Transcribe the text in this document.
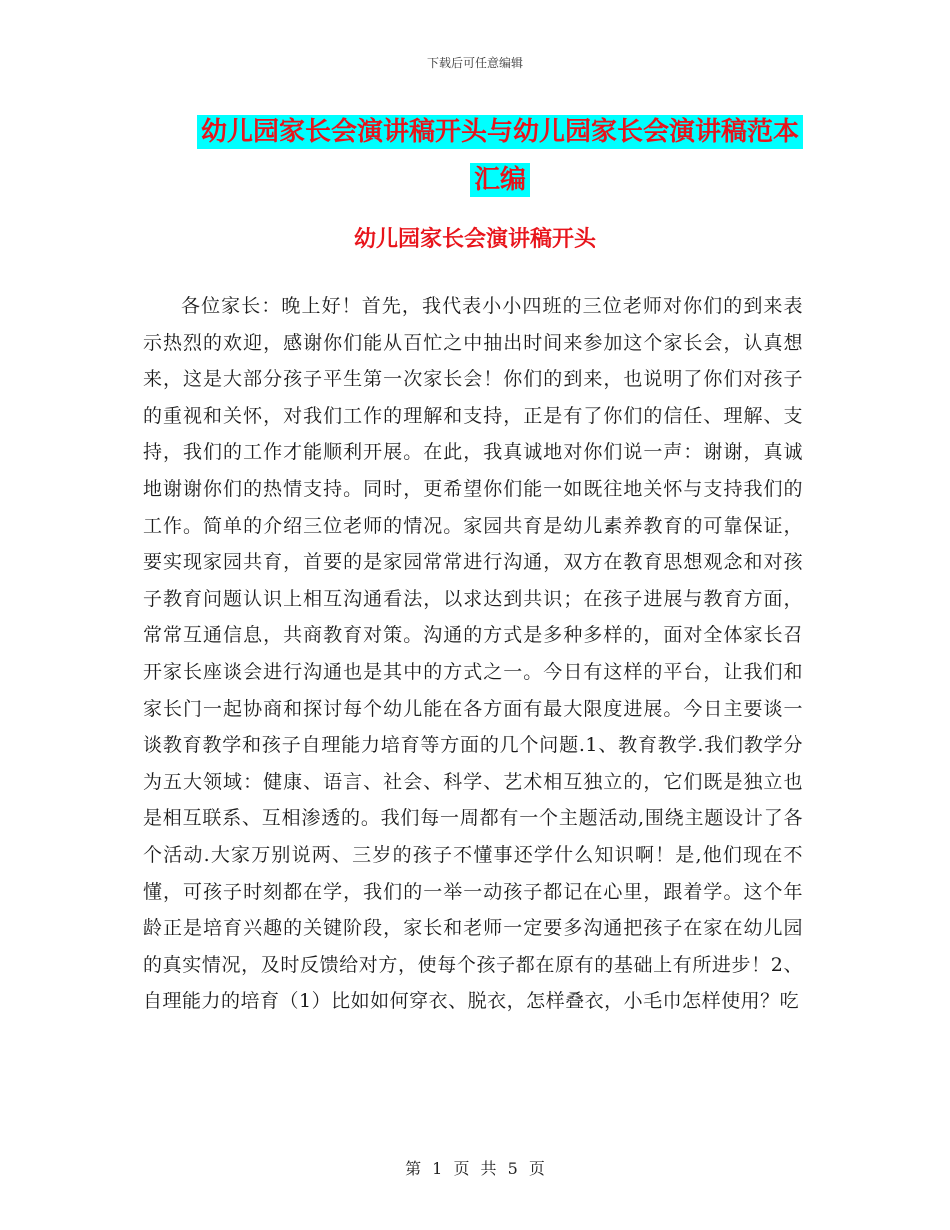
下载后可任意编辑
幼儿园家长会演讲稿开头与幼儿园家长会演讲稿范本
汇编
幼儿园家长会演讲稿开头

各位家长：晚上好！首先，我代表小小四班的三位老师对你们的到来表示热烈的欢迎，感谢你们能从百忙之中抽出时间来参加这个家长会，认真想来，这是大部分孩子平生第一次家长会！你们的到来，也说明了你们对孩子的重视和关怀，对我们工作的理解和支持，正是有了你们的信任、理解、支持，我们的工作才能顺利开展。在此，我真诚地对你们说一声：谢谢，真诚地谢谢你们的热情支持。同时，更希望你们能一如既往地关怀与支持我们的工作。简单的介绍三位老师的情况。家园共育是幼儿素养教育的可靠保证，要实现家园共育，首要的是家园常常进行沟通，双方在教育思想观念和对孩子教育问题认识上相互沟通看法，以求达到共识；在孩子进展与教育方面，常常互通信息，共商教育对策。沟通的方式是多种多样的，面对全体家长召开家长座谈会进行沟通也是其中的方式之一。今日有这样的平台，让我们和家长门一起协商和探讨每个幼儿能在各方面有最大限度进展。今日主要谈一谈教育教学和孩子自理能力培育等方面的几个问题.1、教育教学.我们教学分为五大领域：健康、语言、社会、科学、艺术相互独立的，它们既是独立也是相互联系、互相渗透的。我们每一周都有一个主题活动,围绕主题设计了各个活动.大家万别说两、三岁的孩子不懂事还学什么知识啊！是,他们现在不懂，可孩子时刻都在学，我们的一举一动孩子都记在心里，跟着学。这个年龄正是培育兴趣的关键阶段，家长和老师一定要多沟通把孩子在家在幼儿园的真实情况，及时反馈给对方，使每个孩子都在原有的基础上有所进步！2、自理能力的培育（1）比如如何穿衣、脱衣，怎样叠衣，小毛巾怎样使用？吃

第 1 页 共 5 页
